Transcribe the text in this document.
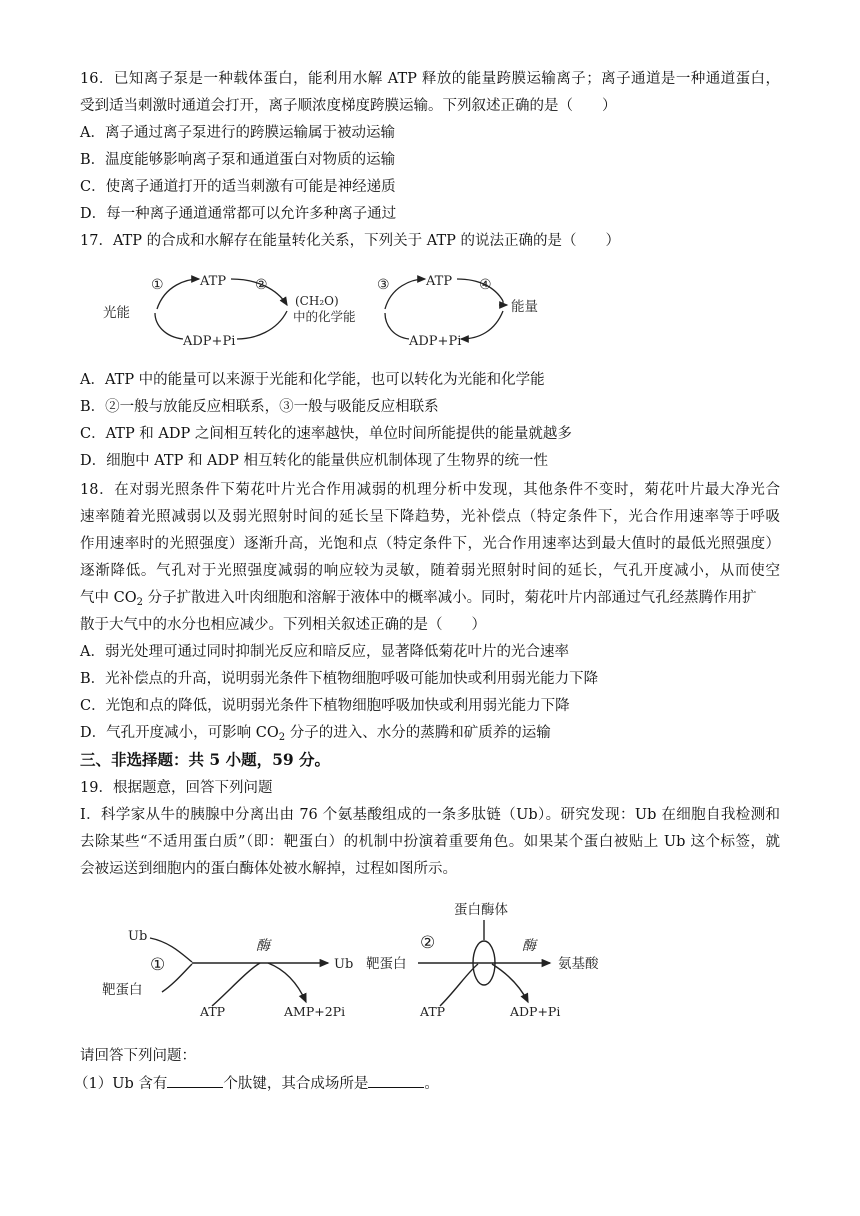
16．已知离子泵是一种载体蛋白，能利用水解 ATP 释放的能量跨膜运输离子；离子通道是一种通道蛋白，
受到适当刺激时通道会打开，离子顺浓度梯度跨膜运输。下列叙述正确的是（　　）
A．离子通过离子泵进行的跨膜运输属于被动运输
B．温度能够影响离子泵和通道蛋白对物质的运输
C．使离子通道打开的适当刺激有可能是神经递质
D．每一种离子通道通常都可以允许多种离子通过
17．ATP 的合成和水解存在能量转化关系，下列关于 ATP 的说法正确的是（　　）
①	ATP ②
光能
ADP+Pi
(CH₂O)
中的化学能
③	ATP ④
能量
ADP+Pi
A．ATP 中的能量可以来源于光能和化学能，也可以转化为光能和化学能
B．②一般与放能反应相联系，③一般与吸能反应相联系
C．ATP 和 ADP 之间相互转化的速率越快，单位时间所能提供的能量就越多
D．细胞中 ATP 和 ADP 相互转化的能量供应机制体现了生物界的统一性
18．在对弱光照条件下菊花叶片光合作用减弱的机理分析中发现，其他条件不变时，菊花叶片最大净光合
速率随着光照减弱以及弱光照射时间的延长呈下降趋势，光补偿点（特定条件下，光合作用速率等于呼吸
作用速率时的光照强度）逐渐升高，光饱和点（特定条件下，光合作用速率达到最大值时的最低光照强度）
逐渐降低。气孔对于光照强度减弱的响应较为灵敏，随着弱光照射时间的延长，气孔开度减小，从而使空
气中 $CO_2$ 分子扩散进入叶肉细胞和溶解于液体中的概率减小。同时，菊花叶片内部通过气孔经蒸腾作用扩
散于大气中的水分也相应减少。下列相关叙述正确的是（　　）
A．弱光处理可通过同时抑制光反应和暗反应，显著降低菊花叶片的光合速率
B．光补偿点的升高，说明弱光条件下植物细胞呼吸可能加快或利用弱光能力下降
C．光饱和点的降低，说明弱光条件下植物细胞呼吸加快或利用弱光能力下降
D．气孔开度减小，可影响 $CO_2$ 分子的进入、水分的蒸腾和矿质养的运输
三、非选择题：共 5 小题，59 分。
19．根据题意，回答下列问题
Ⅰ．科学家从牛的胰腺中分离出由 76 个氨基酸组成的一条多肽链（Ub）。研究发现：Ub 在细胞自我检测和
去除某些“不适用蛋白质”（即：靶蛋白）的机制中扮演着重要角色。如果某个蛋白被贴上 Ub 这个标签，就
会被运送到细胞内的蛋白酶体处被水解掉，过程如图所示。
Ub
①
靶蛋白
酶
Ub
ATP	AMP+2Pi
蛋白酶体
②
靶蛋白
酶
氨基酸
ATP	ADP+Pi
请回答下列问题：
（1）Ub 含有	个肽键，其合成场所是	。
